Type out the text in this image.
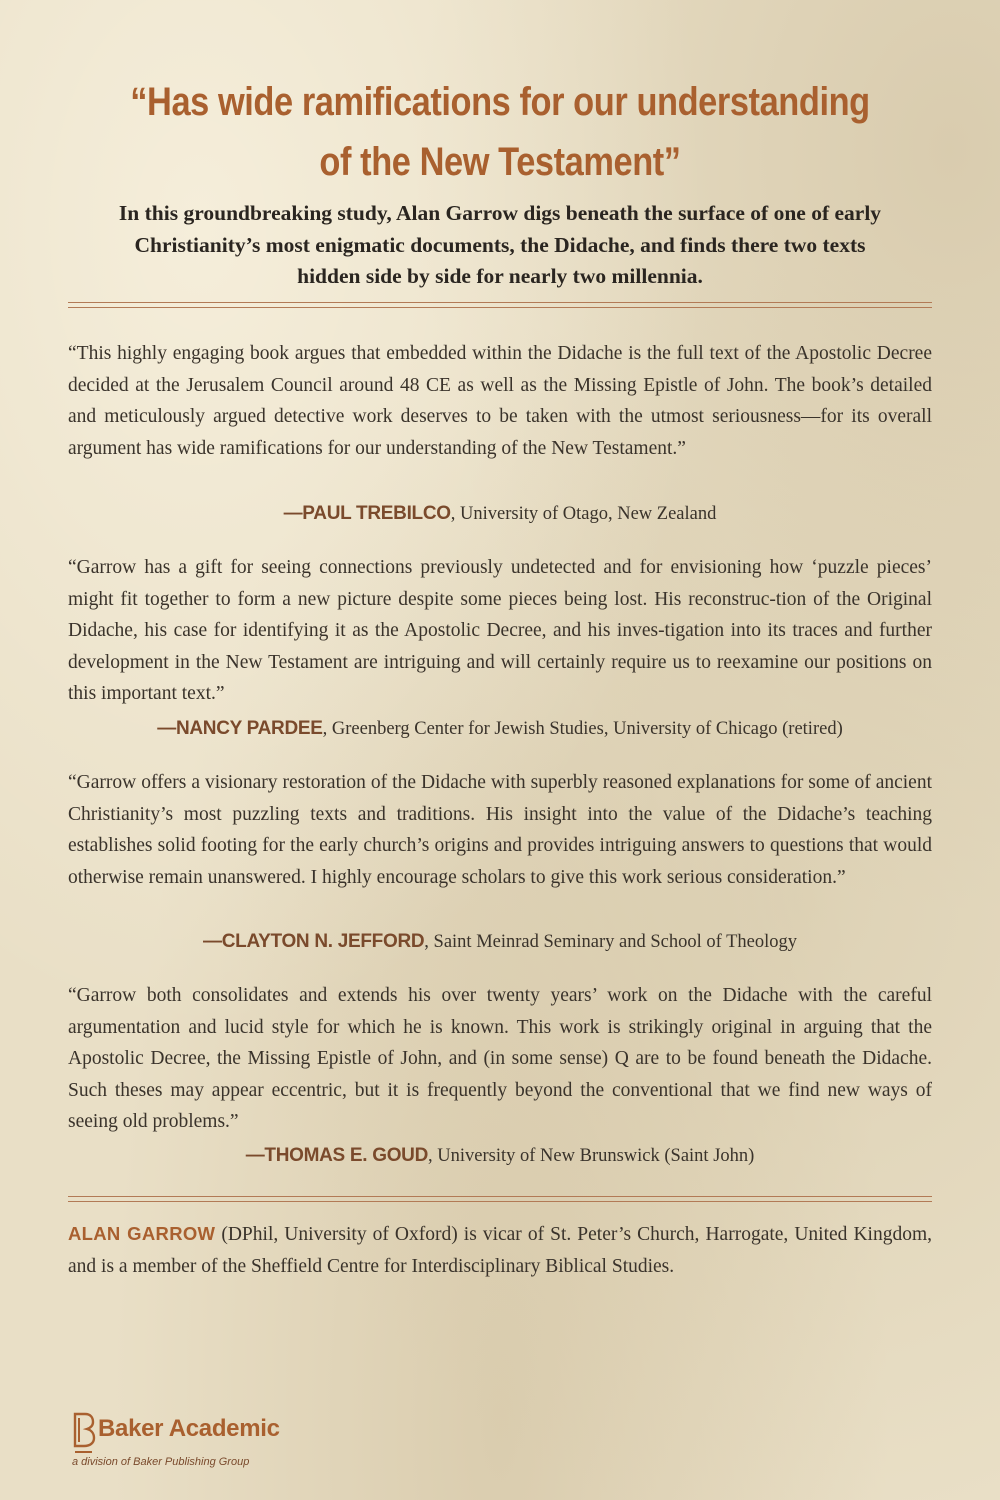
“Has wide ramifications for our understanding
of the New Testament”

In this groundbreaking study, Alan Garrow digs beneath the surface of one of early Christianity’s most enigmatic documents, the Didache, and finds there two texts hidden side by side for nearly two millennia.

“This highly engaging book argues that embedded within the Didache is the full text of the Apostolic Decree decided at the Jerusalem Council around 48 CE as well as the Missing Epistle of John. The book’s detailed and meticulously argued detective work deserves to be taken with the utmost seriousness—for its overall argument has wide ramifications for our understanding of the New Testament.”

—PAUL TREBILCO, University of Otago, New Zealand

“Garrow has a gift for seeing connections previously undetected and for envisioning how ‘puzzle pieces’ might fit together to form a new picture despite some pieces being lost. His reconstruc-tion of the Original Didache, his case for identifying it as the Apostolic Decree, and his inves-tigation into its traces and further development in the New Testament are intriguing and will certainly require us to reexamine our positions on this important text.”

—NANCY PARDEE, Greenberg Center for Jewish Studies, University of Chicago (retired)

“Garrow offers a visionary restoration of the Didache with superbly reasoned explanations for some of ancient Christianity’s most puzzling texts and traditions. His insight into the value of the Didache’s teaching establishes solid footing for the early church’s origins and provides intriguing answers to questions that would otherwise remain unanswered. I highly encourage scholars to give this work serious consideration.”

—CLAYTON N. JEFFORD, Saint Meinrad Seminary and School of Theology

“Garrow both consolidates and extends his over twenty years’ work on the Didache with the careful argumentation and lucid style for which he is known. This work is strikingly original in arguing that the Apostolic Decree, the Missing Epistle of John, and (in some sense) Q are to be found beneath the Didache. Such theses may appear eccentric, but it is frequently beyond the conventional that we find new ways of seeing old problems.”

—THOMAS E. GOUD, University of New Brunswick (Saint John)

ALAN GARROW (DPhil, University of Oxford) is vicar of St. Peter’s Church, Harrogate, United Kingdom, and is a member of the Sheffield Centre for Interdisciplinary Biblical Studies.

Baker Academic
a division of Baker Publishing Group
